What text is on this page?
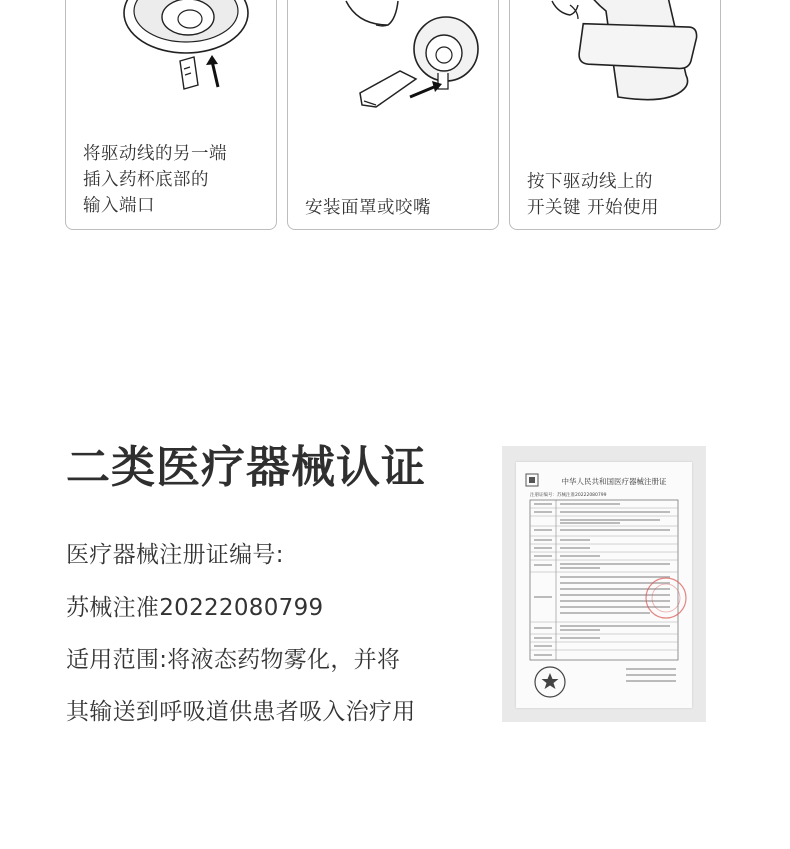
将驱动线的另一端
插入药杯底部的
输入端口	安装面罩或咬嘴
按下驱动线上的
开关键 开始使用
二类医疗器械认证
医疗器械注册证编号:
苏械注准20222080799
适用范围:将液态药物雾化，并将
其输送到呼吸道供患者吸入治疗用
中华人民共和国医疗器械注册证
注册证编号：苏械注准20222080799
